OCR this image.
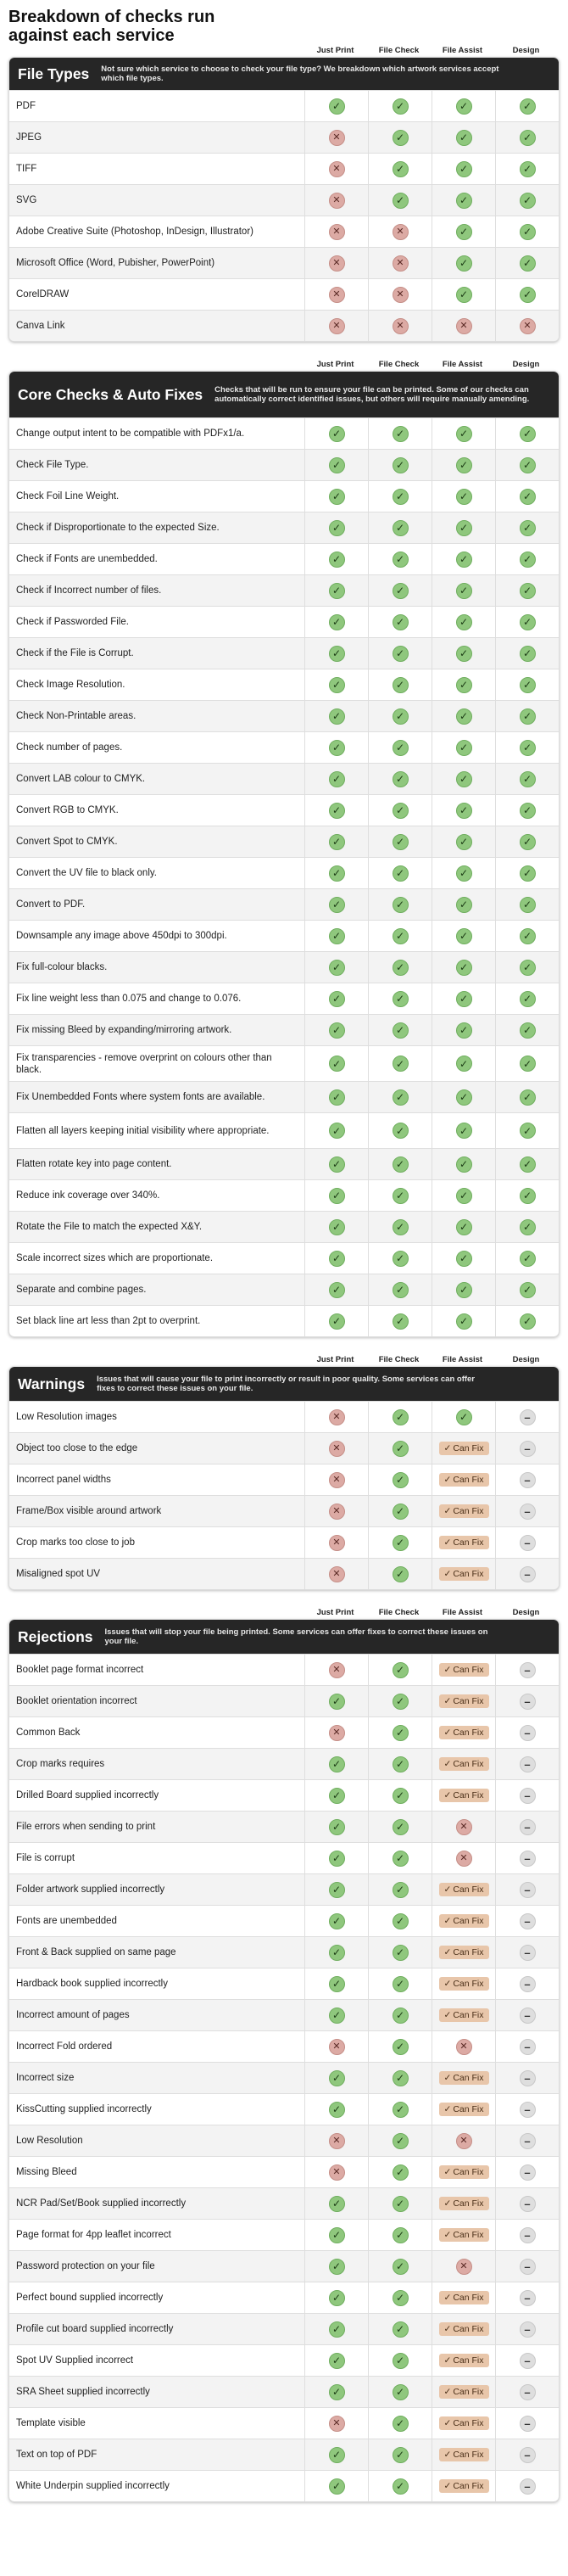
Breakdown of checks run against each service
Just Print	File Check	File Assist	Design
File Types Not sure which service to choose to check your file type? We breakdown which artwork services accept which file types.
PDF	✓	✓	✓	✓
JPEG	✕	✓	✓	✓
TIFF	✕	✓	✓	✓
SVG	✕	✓	✓	✓
Adobe Creative Suite (Photoshop, InDesign, Illustrator)	✕	✕	✓	✓
Microsoft Office (Word, Pubisher, PowerPoint)	✕	✕	✓	✓
CorelDRAW	✕	✕	✓	✓
Canva Link	✕	✕	✕	✕
Just Print	File Check	File Assist	Design
Core Checks & Auto Fixes Checks that will be run to ensure your file can be printed. Some of our checks can automatically correct identified issues, but others will require manually amending.
Change output intent to be compatible with PDFx1/a.	✓	✓	✓	✓
Check File Type.	✓	✓	✓	✓
Check Foil Line Weight.	✓	✓	✓	✓
Check if Disproportionate to the expected Size.	✓	✓	✓	✓
Check if Fonts are unembedded.	✓	✓	✓	✓
Check if Incorrect number of files.	✓	✓	✓	✓
Check if Passworded File.	✓	✓	✓	✓
Check if the File is Corrupt.	✓	✓	✓	✓
Check Image Resolution.	✓	✓	✓	✓
Check Non-Printable areas.	✓	✓	✓	✓
Check number of pages.	✓	✓	✓	✓
Convert LAB colour to CMYK.	✓	✓	✓	✓
Convert RGB to CMYK.	✓	✓	✓	✓
Convert Spot to CMYK.	✓	✓	✓	✓
Convert the UV file to black only.	✓	✓	✓	✓
Convert to PDF.	✓	✓	✓	✓
Downsample any image above 450dpi to 300dpi.	✓	✓	✓	✓
Fix full-colour blacks.	✓	✓	✓	✓
Fix line weight less than 0.075 and change to 0.076.	✓	✓	✓	✓
Fix missing Bleed by expanding/mirroring artwork.	✓	✓	✓	✓
Fix transparencies - remove overprint on colours other than black.	✓	✓	✓	✓
Fix Unembedded Fonts where system fonts are available.	✓	✓	✓	✓
Flatten all layers keeping initial visibility where appropriate.	✓	✓	✓	✓
Flatten rotate key into page content.	✓	✓	✓	✓
Reduce ink coverage over 340%.	✓	✓	✓	✓
Rotate the File to match the expected X&Y.	✓	✓	✓	✓
Scale incorrect sizes which are proportionate.	✓	✓	✓	✓
Separate and combine pages.	✓	✓	✓	✓
Set black line art less than 2pt to overprint.	✓	✓	✓	✓
Just Print	File Check	File Assist	Design
Warnings Issues that will cause your file to print incorrectly or result in poor quality. Some services can offer fixes to correct these issues on your file.
Low Resolution images	✕	✓	✓	–
Object too close to the edge	✕	✓	✓ Can Fix	–
Incorrect panel widths	✕	✓	✓ Can Fix	–
Frame/Box visible around artwork	✕	✓	✓ Can Fix	–
Crop marks too close to job	✕	✓	✓ Can Fix	–
Misaligned spot UV	✕	✓	✓ Can Fix	–
Just Print	File Check	File Assist	Design
Rejections Issues that will stop your file being printed. Some services can offer fixes to correct these issues on your file.
Booklet page format incorrect	✕	✓	✓ Can Fix	–
Booklet orientation incorrect	✓	✓	✓ Can Fix	–
Common Back	✕	✓	✓ Can Fix	–
Crop marks requires	✓	✓	✓ Can Fix	–
Drilled Board supplied incorrectly	✓	✓	✓ Can Fix	–
File errors when sending to print	✓	✓	✕	–
File is corrupt	✓	✓	✕	–
Folder artwork supplied incorrectly	✓	✓	✓ Can Fix	–
Fonts are unembedded	✓	✓	✓ Can Fix	–
Front & Back supplied on same page	✓	✓	✓ Can Fix	–
Hardback book supplied incorrectly	✓	✓	✓ Can Fix	–
Incorrect amount of pages	✓	✓	✓ Can Fix	–
Incorrect Fold ordered	✕	✓	✕	–
Incorrect size	✓	✓	✓ Can Fix	–
KissCutting supplied incorrectly	✓	✓	✓ Can Fix	–
Low Resolution	✕	✓	✕	–
Missing Bleed	✕	✓	✓ Can Fix	–
NCR Pad/Set/Book supplied incorrectly	✓	✓	✓ Can Fix	–
Page format for 4pp leaflet incorrect	✓	✓	✓ Can Fix	–
Password protection on your file	✓	✓	✕	–
Perfect bound supplied incorrectly	✓	✓	✓ Can Fix	–
Profile cut board supplied incorrectly	✓	✓	✓ Can Fix	–
Spot UV Supplied incorrect	✓	✓	✓ Can Fix	–
SRA Sheet supplied incorrectly	✓	✓	✓ Can Fix	–
Template visible	✕	✓	✓ Can Fix	–
Text on top of PDF	✓	✓	✓ Can Fix	–
White Underpin supplied incorrectly	✓	✓	✓ Can Fix	–
